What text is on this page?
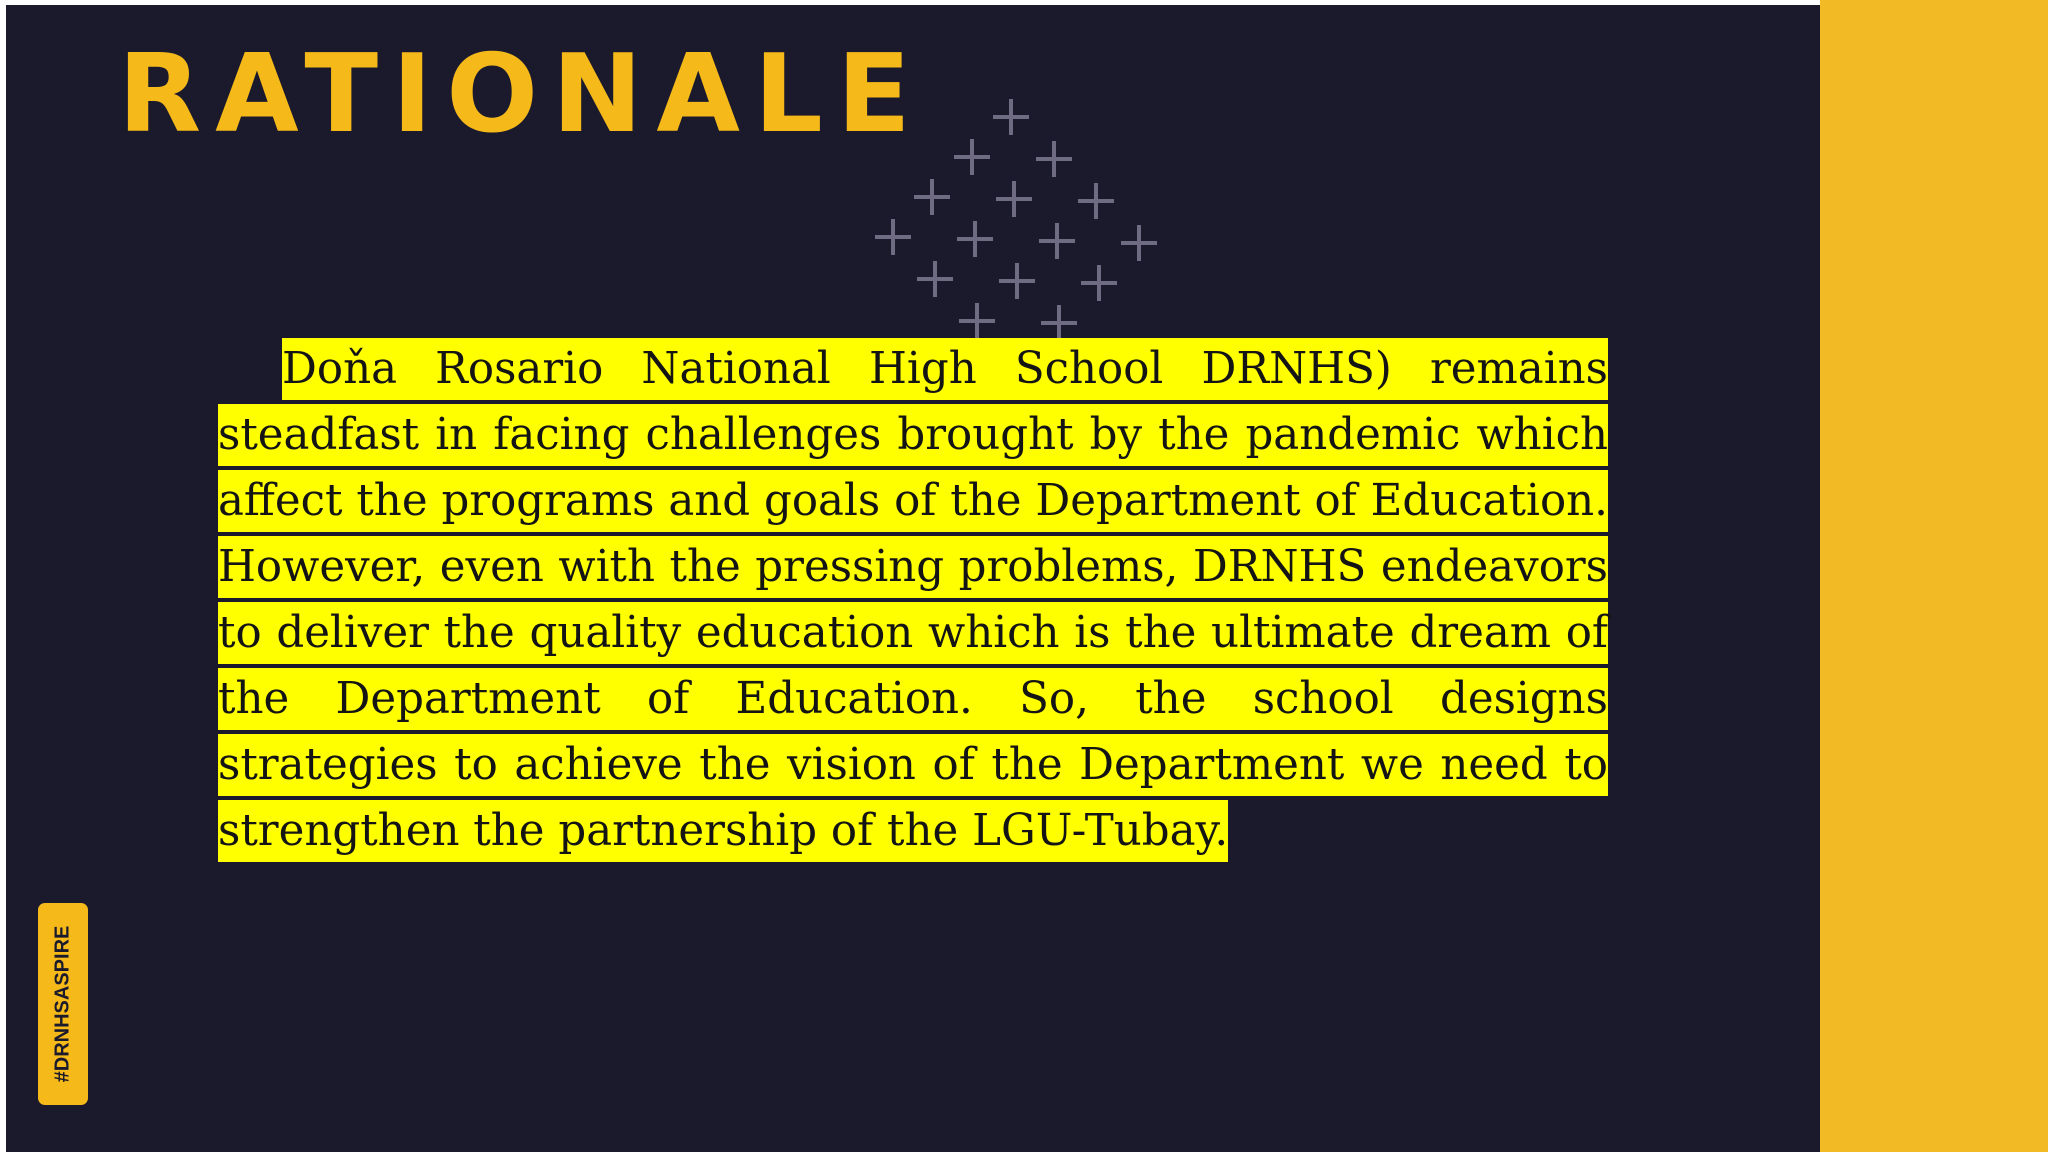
RATIONALE

Doňa Rosario National High School DRNHS) remains steadfast in facing challenges brought by the pandemic which affect the programs and goals of the Department of Education. However, even with the pressing problems, DRNHS endeavors to deliver the quality education which is the ultimate dream of the Department of Education. So, the school designs strategies to achieve the vision of the Department we need to strengthen the partnership of the LGU-Tubay.

#DRNHSASPIRE
